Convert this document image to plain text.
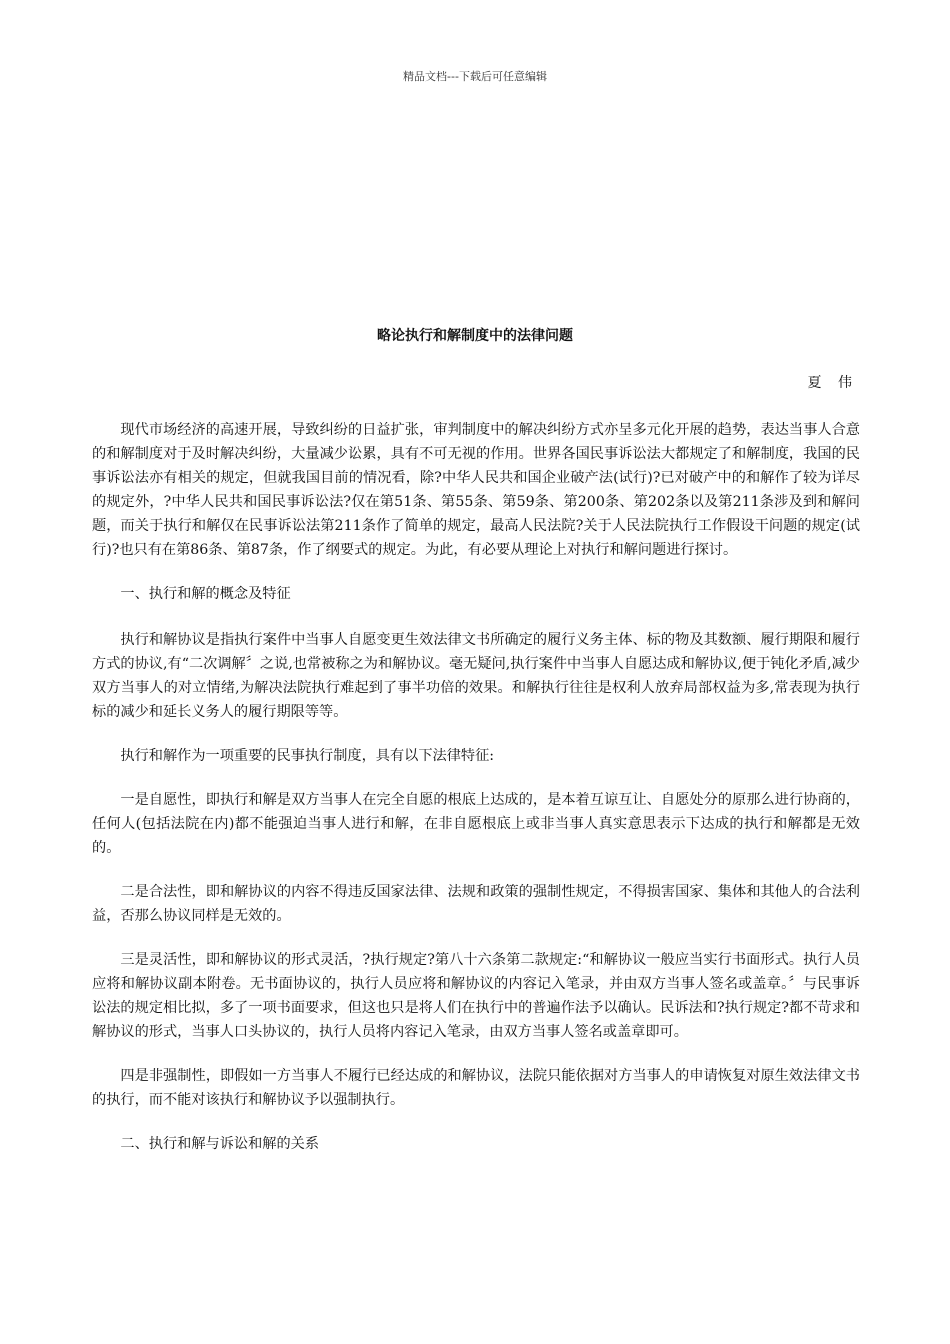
精品文档---下载后可任意编辑
略论执行和解制度中的法律问题
夏 伟

现代市场经济的高速开展，导致纠纷的日益扩张，审判制度中的解决纠纷方式亦呈多元化开展的趋势，表达当事人合意的和解制度对于及时解决纠纷，大量减少讼累，具有不可无视的作用。世界各国民事诉讼法大都规定了和解制度，我国的民事诉讼法亦有相关的规定，但就我国目前的情况看，除?中华人民共和国企业破产法(试行)?已对破产中的和解作了较为详尽的规定外，?中华人民共和国民事诉讼法?仅在第51条、第55条、第59条、第200条、第202条以及第211条涉及到和解问题，而关于执行和解仅在民事诉讼法第211条作了简单的规定，最高人民法院?关于人民法院执行工作假设干问题的规定(试行)?也只有在第86条、第87条，作了纲要式的规定。为此，有必要从理论上对执行和解问题进行探讨。

一、执行和解的概念及特征

执行和解协议是指执行案件中当事人自愿变更生效法律文书所确定的履行义务主体、标的物及其数额、履行期限和履行方式的协议,有“二次调解〞之说,也常被称之为和解协议。毫无疑问,执行案件中当事人自愿达成和解协议,便于钝化矛盾,减少双方当事人的对立情绪,为解决法院执行难起到了事半功倍的效果。和解执行往往是权利人放弃局部权益为多,常表现为执行标的减少和延长义务人的履行期限等等。

执行和解作为一项重要的民事执行制度，具有以下法律特征:

一是自愿性，即执行和解是双方当事人在完全自愿的根底上达成的，是本着互谅互让、自愿处分的原那么进行协商的，任何人(包括法院在内)都不能强迫当事人进行和解，在非自愿根底上或非当事人真实意思表示下达成的执行和解都是无效的。

二是合法性，即和解协议的内容不得违反国家法律、法规和政策的强制性规定，不得损害国家、集体和其他人的合法利益，否那么协议同样是无效的。

三是灵活性，即和解协议的形式灵活，?执行规定?第八十六条第二款规定:“和解协议一般应当实行书面形式。执行人员应将和解协议副本附卷。无书面协议的，执行人员应将和解协议的内容记入笔录，并由双方当事人签名或盖章。〞与民事诉讼法的规定相比拟，多了一项书面要求，但这也只是将人们在执行中的普遍作法予以确认。民诉法和?执行规定?都不苛求和解协议的形式，当事人口头协议的，执行人员将内容记入笔录，由双方当事人签名或盖章即可。

四是非强制性，即假如一方当事人不履行已经达成的和解协议，法院只能依据对方当事人的申请恢复对原生效法律文书的执行，而不能对该执行和解协议予以强制执行。

二、执行和解与诉讼和解的关系
